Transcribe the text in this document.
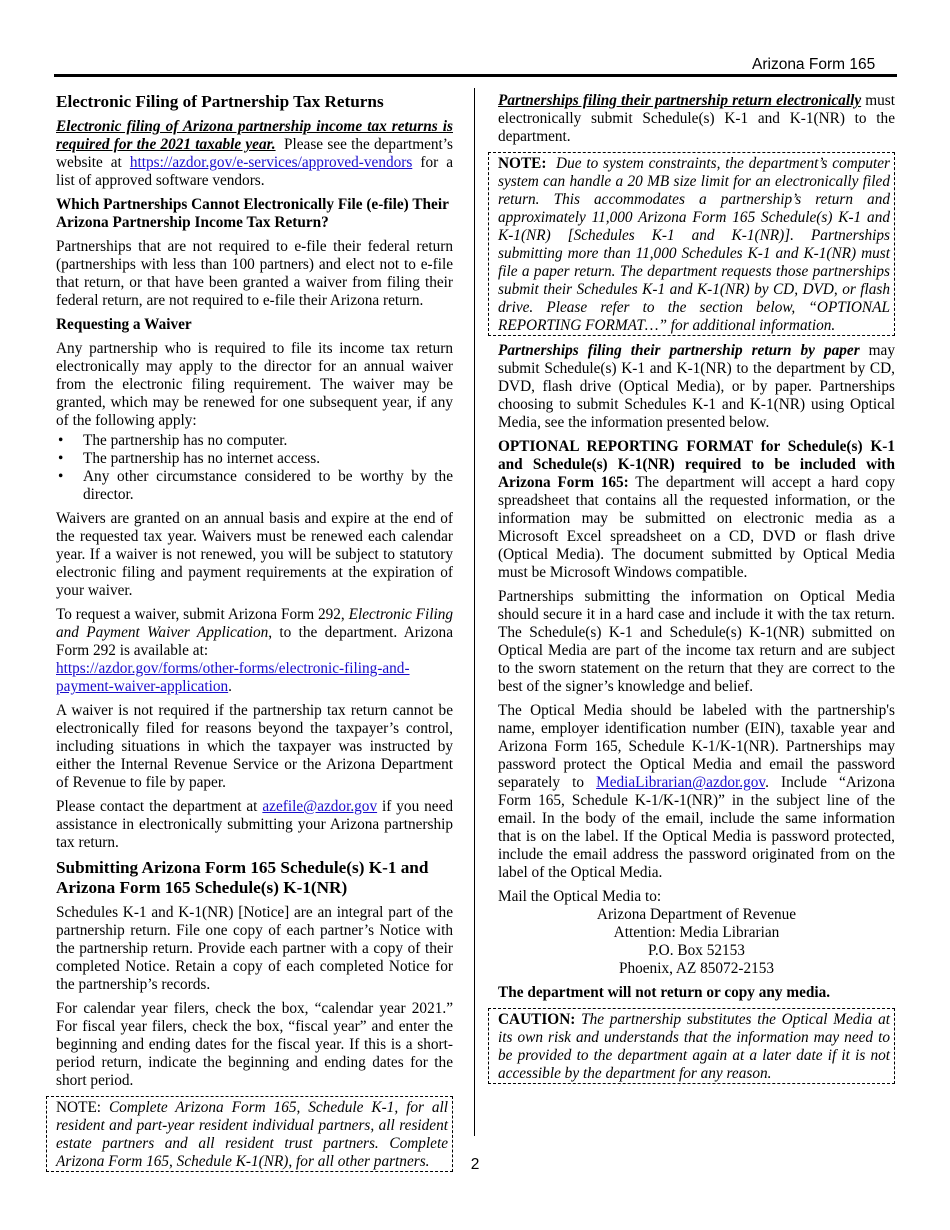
Arizona Form 165
Electronic Filing of Partnership Tax Returns

Electronic filing of Arizona partnership income tax returns is required for the 2021 taxable year. Please see the department’s website at https://azdor.gov/e-services/approved-vendors for a list of approved software vendors.

Which Partnerships Cannot Electronically File (e-file) Their Arizona Partnership Income Tax Return?

Partnerships that are not required to e-file their federal return (partnerships with less than 100 partners) and elect not to e-file that return, or that have been granted a waiver from filing their federal return, are not required to e-file their Arizona return.

Requesting a Waiver

Any partnership who is required to file its income tax return electronically may apply to the director for an annual waiver from the electronic filing requirement. The waiver may be granted, which may be renewed for one subsequent year, if any of the following apply:

• The partnership has no computer.
• The partnership has no internet access.
• Any other circumstance considered to be worthy by the director.

Waivers are granted on an annual basis and expire at the end of the requested tax year. Waivers must be renewed each calendar year. If a waiver is not renewed, you will be subject to statutory electronic filing and payment requirements at the expiration of your waiver.

To request a waiver, submit Arizona Form 292, Electronic Filing and Payment Waiver Application, to the department. Arizona Form 292 is available at:

https://azdor.gov/forms/other-forms/electronic-filing-and-payment-waiver-application.

A waiver is not required if the partnership tax return cannot be electronically filed for reasons beyond the taxpayer’s control, including situations in which the taxpayer was instructed by either the Internal Revenue Service or the Arizona Department of Revenue to file by paper.

Please contact the department at azefile@azdor.gov if you need assistance in electronically submitting your Arizona partnership tax return.

Submitting Arizona Form 165 Schedule(s) K-1 and Arizona Form 165 Schedule(s) K-1(NR)

Schedules K-1 and K-1(NR) [Notice] are an integral part of the partnership return. File one copy of each partner’s Notice with the partnership return. Provide each partner with a copy of their completed Notice. Retain a copy of each completed Notice for the partnership’s records.

For calendar year filers, check the box, “calendar year 2021.” For fiscal year filers, check the box, “fiscal year” and enter the beginning and ending dates for the fiscal year. If this is a short-period return, indicate the beginning and ending dates for the short period.

NOTE: Complete Arizona Form 165, Schedule K-1, for all resident and part-year resident individual partners, all resident estate partners and all resident trust partners. Complete Arizona Form 165, Schedule K-1(NR), for all other partners.

Partnerships filing their partnership return electronically must electronically submit Schedule(s) K-1 and K-1(NR) to the department.

NOTE: Due to system constraints, the department’s computer system can handle a 20 MB size limit for an electronically filed return. This accommodates a partnership’s return and approximately 11,000 Arizona Form 165 Schedule(s) K-1 and K-1(NR) [Schedules K-1 and K-1(NR)]. Partnerships submitting more than 11,000 Schedules K-1 and K-1(NR) must file a paper return. The department requests those partnerships submit their Schedules K-1 and K-1(NR) by CD, DVD, or flash drive. Please refer to the section below, “OPTIONAL REPORTING FORMAT…” for additional information.

Partnerships filing their partnership return by paper may submit Schedule(s) K-1 and K-1(NR) to the department by CD, DVD, flash drive (Optical Media), or by paper. Partnerships choosing to submit Schedules K-1 and K-1(NR) using Optical Media, see the information presented below.

OPTIONAL REPORTING FORMAT for Schedule(s) K-1 and Schedule(s) K-1(NR) required to be included with Arizona Form 165: The department will accept a hard copy spreadsheet that contains all the requested information, or the information may be submitted on electronic media as a Microsoft Excel spreadsheet on a CD, DVD or flash drive (Optical Media). The document submitted by Optical Media must be Microsoft Windows compatible.

Partnerships submitting the information on Optical Media should secure it in a hard case and include it with the tax return. The Schedule(s) K-1 and Schedule(s) K-1(NR) submitted on Optical Media are part of the income tax return and are subject to the sworn statement on the return that they are correct to the best of the signer’s knowledge and belief.

The Optical Media should be labeled with the partnership's name, employer identification number (EIN), taxable year and Arizona Form 165, Schedule K-1/K-1(NR). Partnerships may password protect the Optical Media and email the password separately to MediaLibrarian@azdor.gov. Include “Arizona Form 165, Schedule K-1/K-1(NR)” in the subject line of the email. In the body of the email, include the same information that is on the label. If the Optical Media is password protected, include the email address the password originated from on the label of the Optical Media.

Mail the Optical Media to:

Arizona Department of Revenue

Attention: Media Librarian

P.O. Box 52153

Phoenix, AZ 85072-2153

The department will not return or copy any media.

CAUTION: The partnership substitutes the Optical Media at its own risk and understands that the information may need to be provided to the department again at a later date if it is not accessible by the department for any reason.
2
